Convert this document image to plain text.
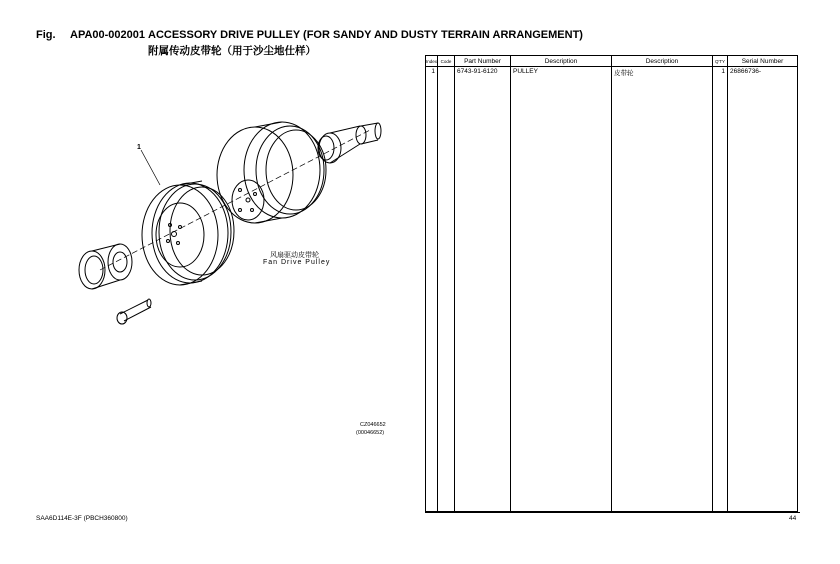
Fig. APA00-002001 ACCESSORY DRIVE PULLEY (FOR SANDY AND DUSTY TERRAIN ARRANGEMENT)
附属传动皮带轮（用于沙尘地仕样）
1
风扇驱动皮带轮
Fan Drive Pulley
CZ046652
(00046652)
Index	Code	Part Number	Description	Description	Q'TY	Serial Number
1		6743-91-6120	PULLEY	皮带轮	1	26866736-

SAA6D114E-3F (PBCH360800)	44
